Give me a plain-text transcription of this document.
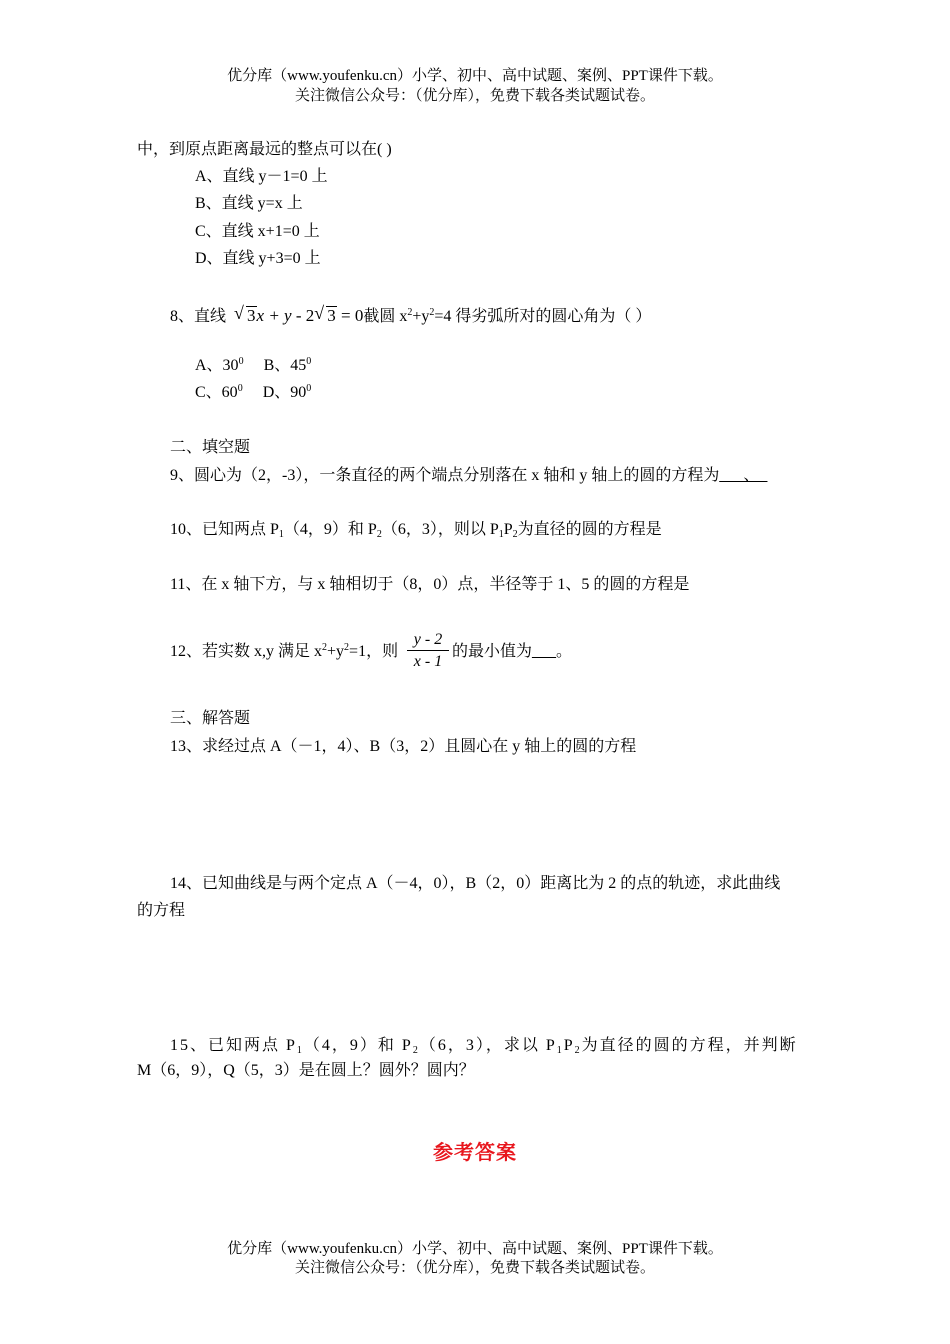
优分库（www.youfenku.cn）小学、初中、高中试题、案例、PPT课件下载。
关注微信公众号：（优分库），免费下载各类试题试卷。
中，到原点距离最远的整点可以在( )
A、直线 y－1=0 上
B、直线 y=x 上
C、直线 x+1=0 上
D、直线 y+3=0 上
8、直线 √ 3x + y - 2 √ 3 = 0截圆 $x^2+y^2=4$ 得劣弧所对的圆心角为（ ）
A、$30^0$ B、$45^0$
C、$60^0$ D、$90^0$
二、填空题
9、圆心为（2，-3），一条直径的两个端点分别落在 x 轴和 y 轴上的圆的方程为___、_
10、已知两点 $P_1(4$，9）和 $P_2(6$，3），则以 $P_1P_2$为直径的圆的方程是
11、在 x 轴下方，与 x 轴相切于（8，0）点，半径等于 1、5 的圆的方程是
12、若实数 x,y 满足 $x^2+y^2=1$，则 $\frac{y - 2}{x - 1}$ 的最小值为___。
三、解答题
13、求经过点 A（－1，4）、B（3，2）且圆心在 y 轴上的圆的方程
14、已知曲线是与两个定点 A（－4，0），B（2，0）距离比为 2 的点的轨迹，求此曲线
的方程
15、已知两点 $P_1(4$，9）和 $P_2(6$，3），求以 $P_1P_2$为直径的圆的方程，并判断
M（6，9），Q（5，3）是在圆上？圆外？圆内？
参考答案
优分库（www.youfenku.cn）小学、初中、高中试题、案例、PPT课件下载。
关注微信公众号：（优分库），免费下载各类试题试卷。
